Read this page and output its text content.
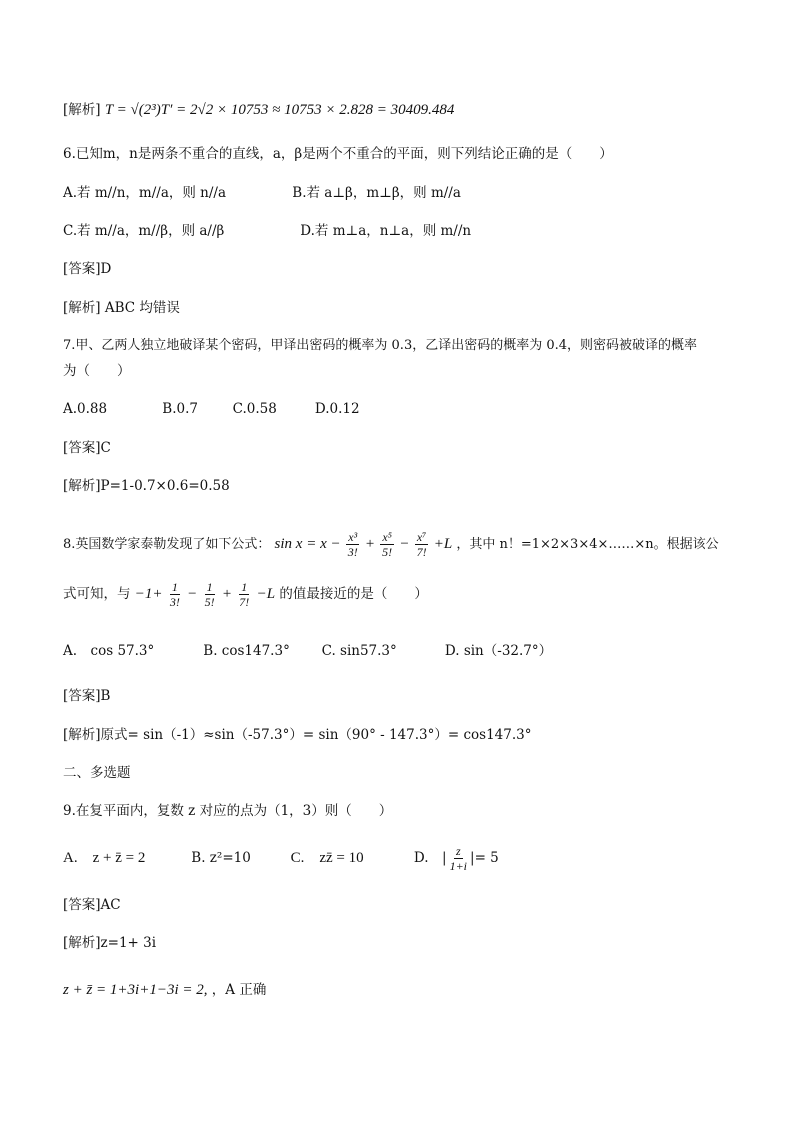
[解析] T = √(2³)T′ = 2√2 × 10753 ≈ 10753 × 2.828 = 30409.484
6.已知m，n是两条不重合的直线，a，β是两个不重合的平面，则下列结论正确的是（　　）
A.若 m//n，m//a，则 n//a	B.若 a⊥β，m⊥β，则 m//a
C.若 m//a，m//β，则 a//β	D.若 m⊥a，n⊥a，则 m//n
[答案]D
[解析] ABC 均错误
7.甲、乙两人独立地破译某个密码，甲译出密码的概率为 0.3，乙译出密码的概率为 0.4，则密码被破译的概率
为（　　）
A.0.88	B.0.7	C.0.58	D.0.12
[答案]C
[解析]P=1-0.7×0.6=0.58
8.英国数学家泰勒发现了如下公式： $\sin x = x - \frac{\text{x³}}{3!} + \frac{\text{x⁵}}{5!} - \frac{\text{x⁷}}{7!} +L$ ，其中 n！=1×2×3×4×……×n。根据该公
式可知，与 $-1+ \frac{1}{3!} - \frac{1}{5!} + \frac{1}{7!} -L$ 的值最接近的是（　　）
A.　cos 57.3°	B. cos147.3° C. sin57.3°	D. sin（-32.7°）
[答案]B
[解析]原式= sin（-1）≈sin（-57.3°）= sin（90° - 147.3°）= cos147.3°
二、多选题
9.在复平面内，复数 z 对应的点为（1，3）则（　　）
A.　z + z̄ = 2	B. z²=10	C.　zz̄ = 10	D.　| $\frac{z}{1+i}$ |= 5
[答案]AC
[解析]z=1+ 3i
z + z̄ = 1+3i+1−3i = 2, ，A 正确
